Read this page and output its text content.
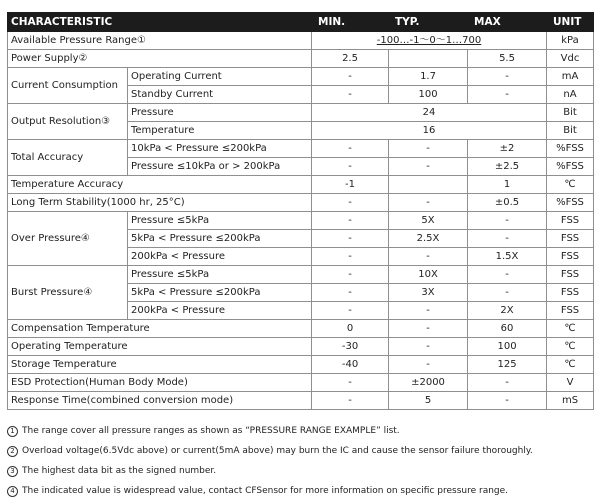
CHARACTERISTIC		MIN.	TYP.	MAX	UNIT
Available Pressure Range①		-100…-1～0～1…700			kPa
Power Supply②		2.5		5.5	Vdc
Current Consumption	Operating Current	-	1.7	-	mA
	Standby Current	-	100	-	nA
Output Resolution③	Pressure	24			Bit
	Temperature	16			Bit
Total Accuracy	10kPa < Pressure ≤200kPa	-	-	±2	%FSS
	Pressure ≤10kPa or > 200kPa	-	-	±2.5	%FSS
Temperature Accuracy		-1		1	℃
Long Term Stability(1000 hr, 25°C)		-	-	±0.5	%FSS
Over Pressure④	Pressure ≤5kPa	-	5X	-	FSS
	5kPa < Pressure ≤200kPa	-	2.5X	-	FSS
	200kPa < Pressure	-	-	1.5X	FSS
Burst Pressure④	Pressure ≤5kPa	-	10X	-	FSS
	5kPa < Pressure ≤200kPa	-	3X	-	FSS
	200kPa < Pressure	-	-	2X	FSS
Compensation Temperature		0	-	60	℃
Operating Temperature		-30	-	100	℃
Storage Temperature		-40	-	125	℃
ESD Protection(Human Body Mode)		-	±2000	-	V
Response Time(combined conversion mode)		-	5	-	mS
1 The range cover all pressure ranges as shown as “PRESSURE RANGE EXAMPLE” list.
2 Overload voltage(6.5Vdc above) or current(5mA above) may burn the IC and cause the sensor failure thoroughly.
3 The highest data bit as the signed number.
4 The indicated value is widespread value, contact CFSensor for more information on specific pressure range.
